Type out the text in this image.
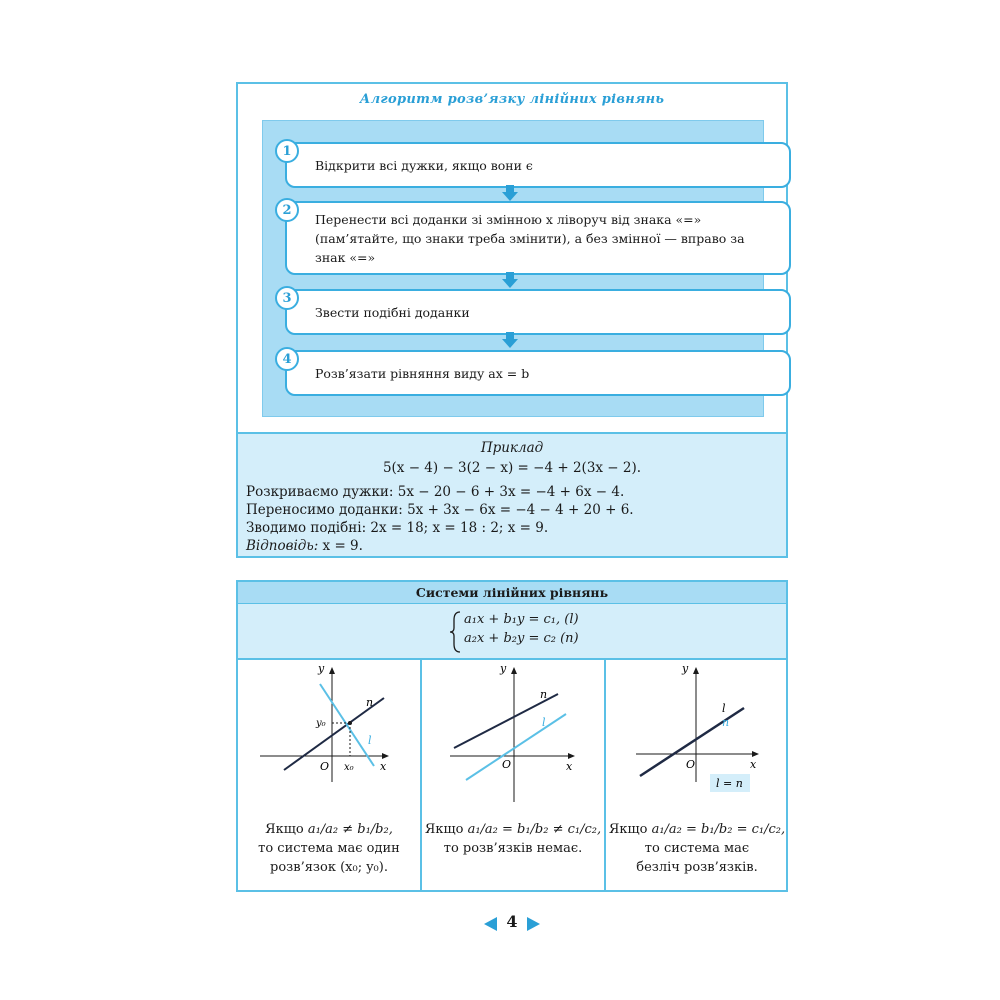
Алгоритм розв’язку лінійних рівнянь
Відкрити всі дужки, якщо вони є
1
Перенести всі доданки зі змінною x ліворуч від знака «=» (пам’ятайте, що знаки треба змінити), а без змінної — вправо за знак «=»
2
Звести подібні доданки
3
Розв’язати рівняння виду ax = b
4
Приклад
5(x − 4) − 3(2 − x) = −4 + 2(3x − 2).
Розкриваємо дужки: 5x − 20 − 6 + 3x = −4 + 6x − 4.
Переносимо доданки: 5x + 3x − 6x = −4 − 4 + 20 + 6.
Зводимо подібні: 2x = 18; x = 18 : 2; x = 9.
Відповідь: x = 9.
Системи лінійних рівнянь
a₁x + b₁y = c₁, (l)
a₂x + b₂y = c₂ (n)
y
x
O
y₀
x₀
n
l
y
x
O
n
l
y
x
O
l
n
l = n
Якщо a₁/a₂ ≠ b₁/b₂,
то система має один
розв’язок (x₀; y₀).
Якщо a₁/a₂ = b₁/b₂ ≠ c₁/c₂,
то розв’язків немає.
Якщо a₁/a₂ = b₁/b₂ = c₁/c₂,
то система має
безліч розв’язків.
4
